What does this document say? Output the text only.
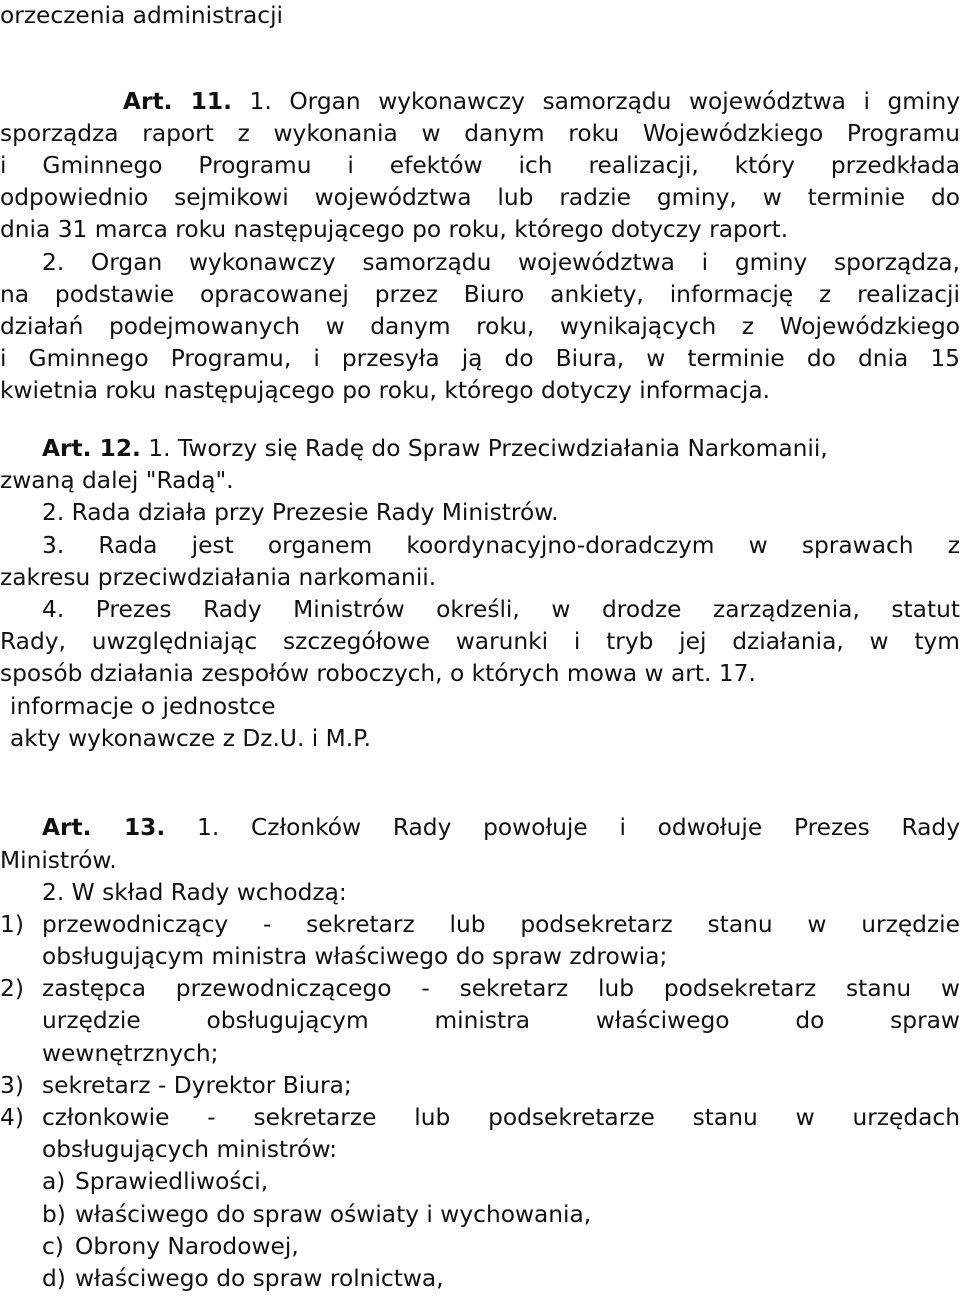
orzeczenia administracji
​       Art. 11. 1. Organ wykonawczy samorządu województwa i gminy
sporządza raport z wykonania w danym roku Wojewódzkiego Programu
i Gminnego Programu i efektów ich realizacji, który przedkłada
odpowiednio sejmikowi województwa lub radzie gminy, w terminie do
dnia 31 marca roku następującego po roku, którego dotyczy raport.
2. Organ wykonawczy samorządu województwa i gminy sporządza,
na podstawie opracowanej przez Biuro ankiety, informację z realizacji
działań podejmowanych w danym roku, wynikających z Wojewódzkiego
i Gminnego Programu, i przesyła ją do Biura, w terminie do dnia 15
kwietnia roku następującego po roku, którego dotyczy informacja.
Art. 12. 1. Tworzy się Radę do Spraw Przeciwdziałania Narkomanii,
zwaną dalej "Radą".
2. Rada działa przy Prezesie Rady Ministrów.
3. Rada jest organem koordynacyjno-doradczym w sprawach z
zakresu przeciwdziałania narkomanii.
4. Prezes Rady Ministrów określi, w drodze zarządzenia, statut
Rady, uwzględniając szczegółowe warunki i tryb jej działania, w tym
sposób działania zespołów roboczych, o których mowa w art. 17.
informacje o jednostce
akty wykonawcze z Dz.U. i M.P.
Art. 13. 1. Członków Rady powołuje i odwołuje Prezes Rady
Ministrów.
2. W skład Rady wchodzą:
1) przewodniczący - sekretarz lub podsekretarz stanu w urzędzie
obsługującym ministra właściwego do spraw zdrowia;
2) zastępca przewodniczącego - sekretarz lub podsekretarz stanu w
urzędzie obsługującym ministra właściwego do spraw
wewnętrznych;
3) sekretarz - Dyrektor Biura;
4) członkowie - sekretarze lub podsekretarze stanu w urzędach
obsługujących ministrów:
a) Sprawiedliwości,
b) właściwego do spraw oświaty i wychowania,
c) Obrony Narodowej,
d) właściwego do spraw rolnictwa,
